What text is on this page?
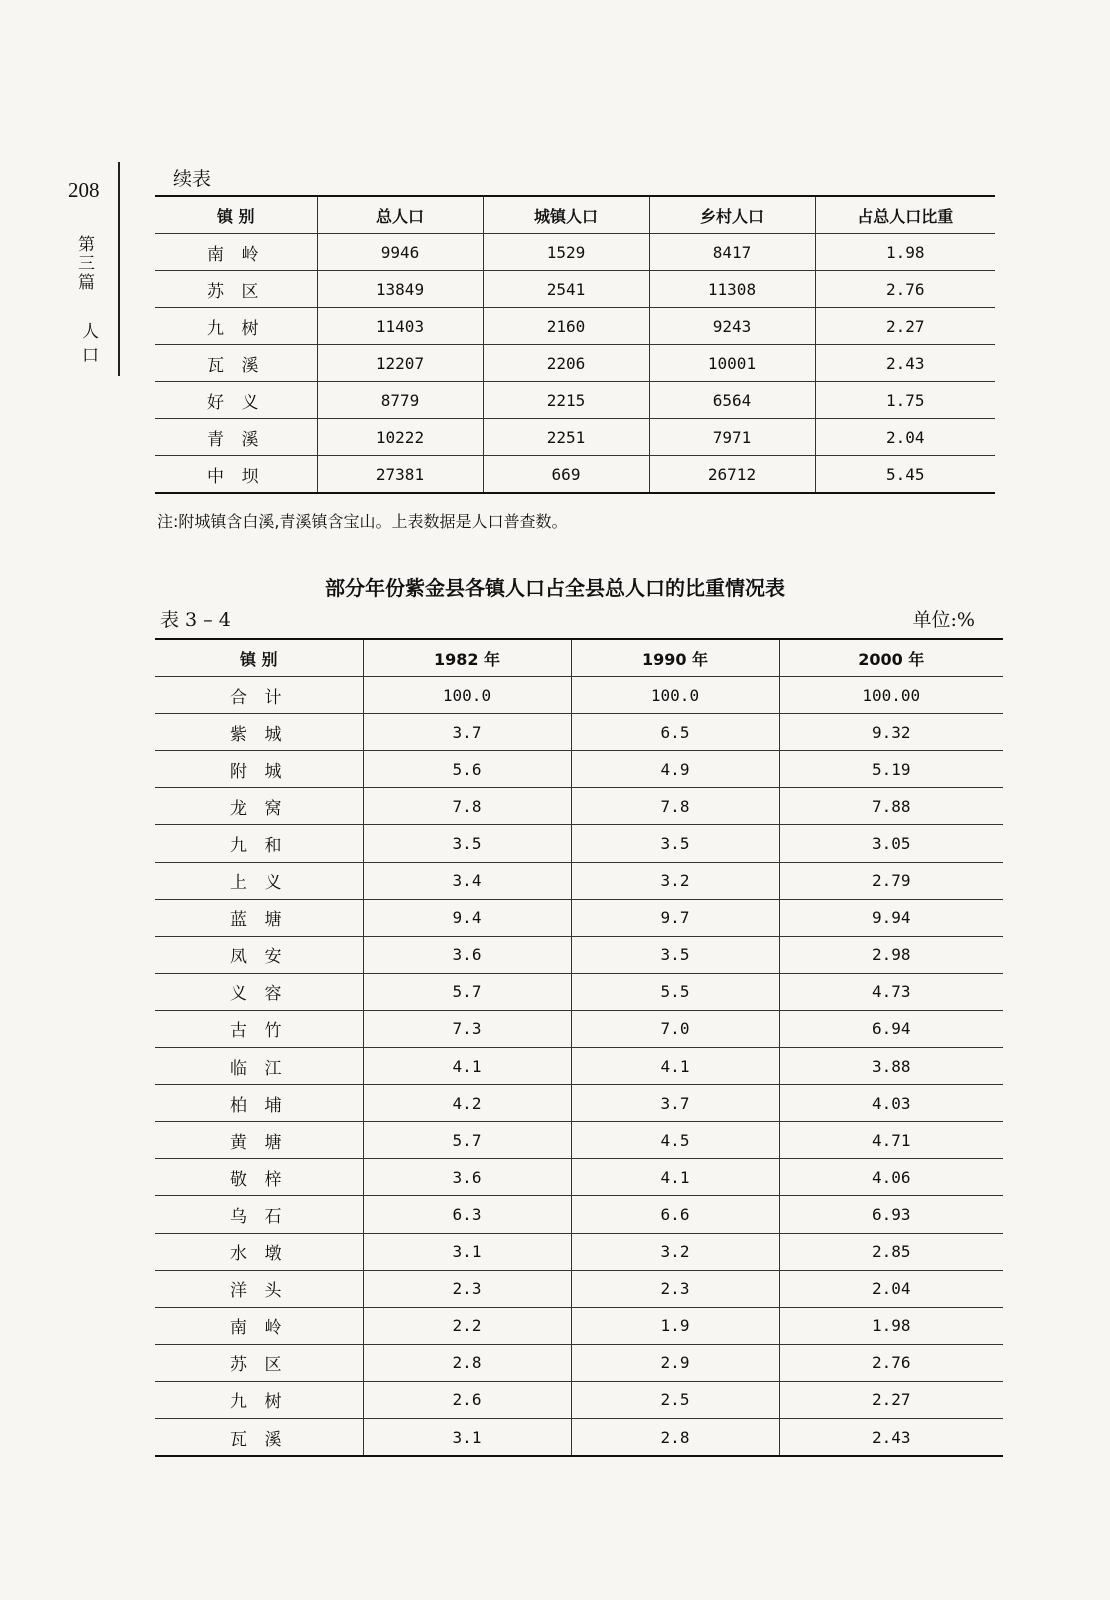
208
第三篇
人口
续表
镇 别	总人口	城镇人口	乡村人口	占总人口比重
南 岭	9946	1529	8417	1.98
苏 区	13849	2541	11308	2.76
九 树	11403	2160	9243	2.27
瓦 溪	12207	2206	10001	2.43
好 义	8779	2215	6564	1.75
青 溪	10222	2251	7971	2.04
中 坝	27381	669	26712	5.45
注:附城镇含白溪,青溪镇含宝山。上表数据是人口普查数。
部分年份紫金县各镇人口占全县总人口的比重情况表
表 3 – 4	单位:%
镇 别	1982 年	1990 年	2000 年
合 计	100.0	100.0	100.00
紫 城	3.7	6.5	9.32
附 城	5.6	4.9	5.19
龙 窝	7.8	7.8	7.88
九 和	3.5	3.5	3.05
上 义	3.4	3.2	2.79
蓝 塘	9.4	9.7	9.94
凤 安	3.6	3.5	2.98
义 容	5.7	5.5	4.73
古 竹	7.3	7.0	6.94
临 江	4.1	4.1	3.88
柏 埔	4.2	3.7	4.03
黄 塘	5.7	4.5	4.71
敬 梓	3.6	4.1	4.06
乌 石	6.3	6.6	6.93
水 墩	3.1	3.2	2.85
洋 头	2.3	2.3	2.04
南 岭	2.2	1.9	1.98
苏 区	2.8	2.9	2.76
九 树	2.6	2.5	2.27
瓦 溪	3.1	2.8	2.43
